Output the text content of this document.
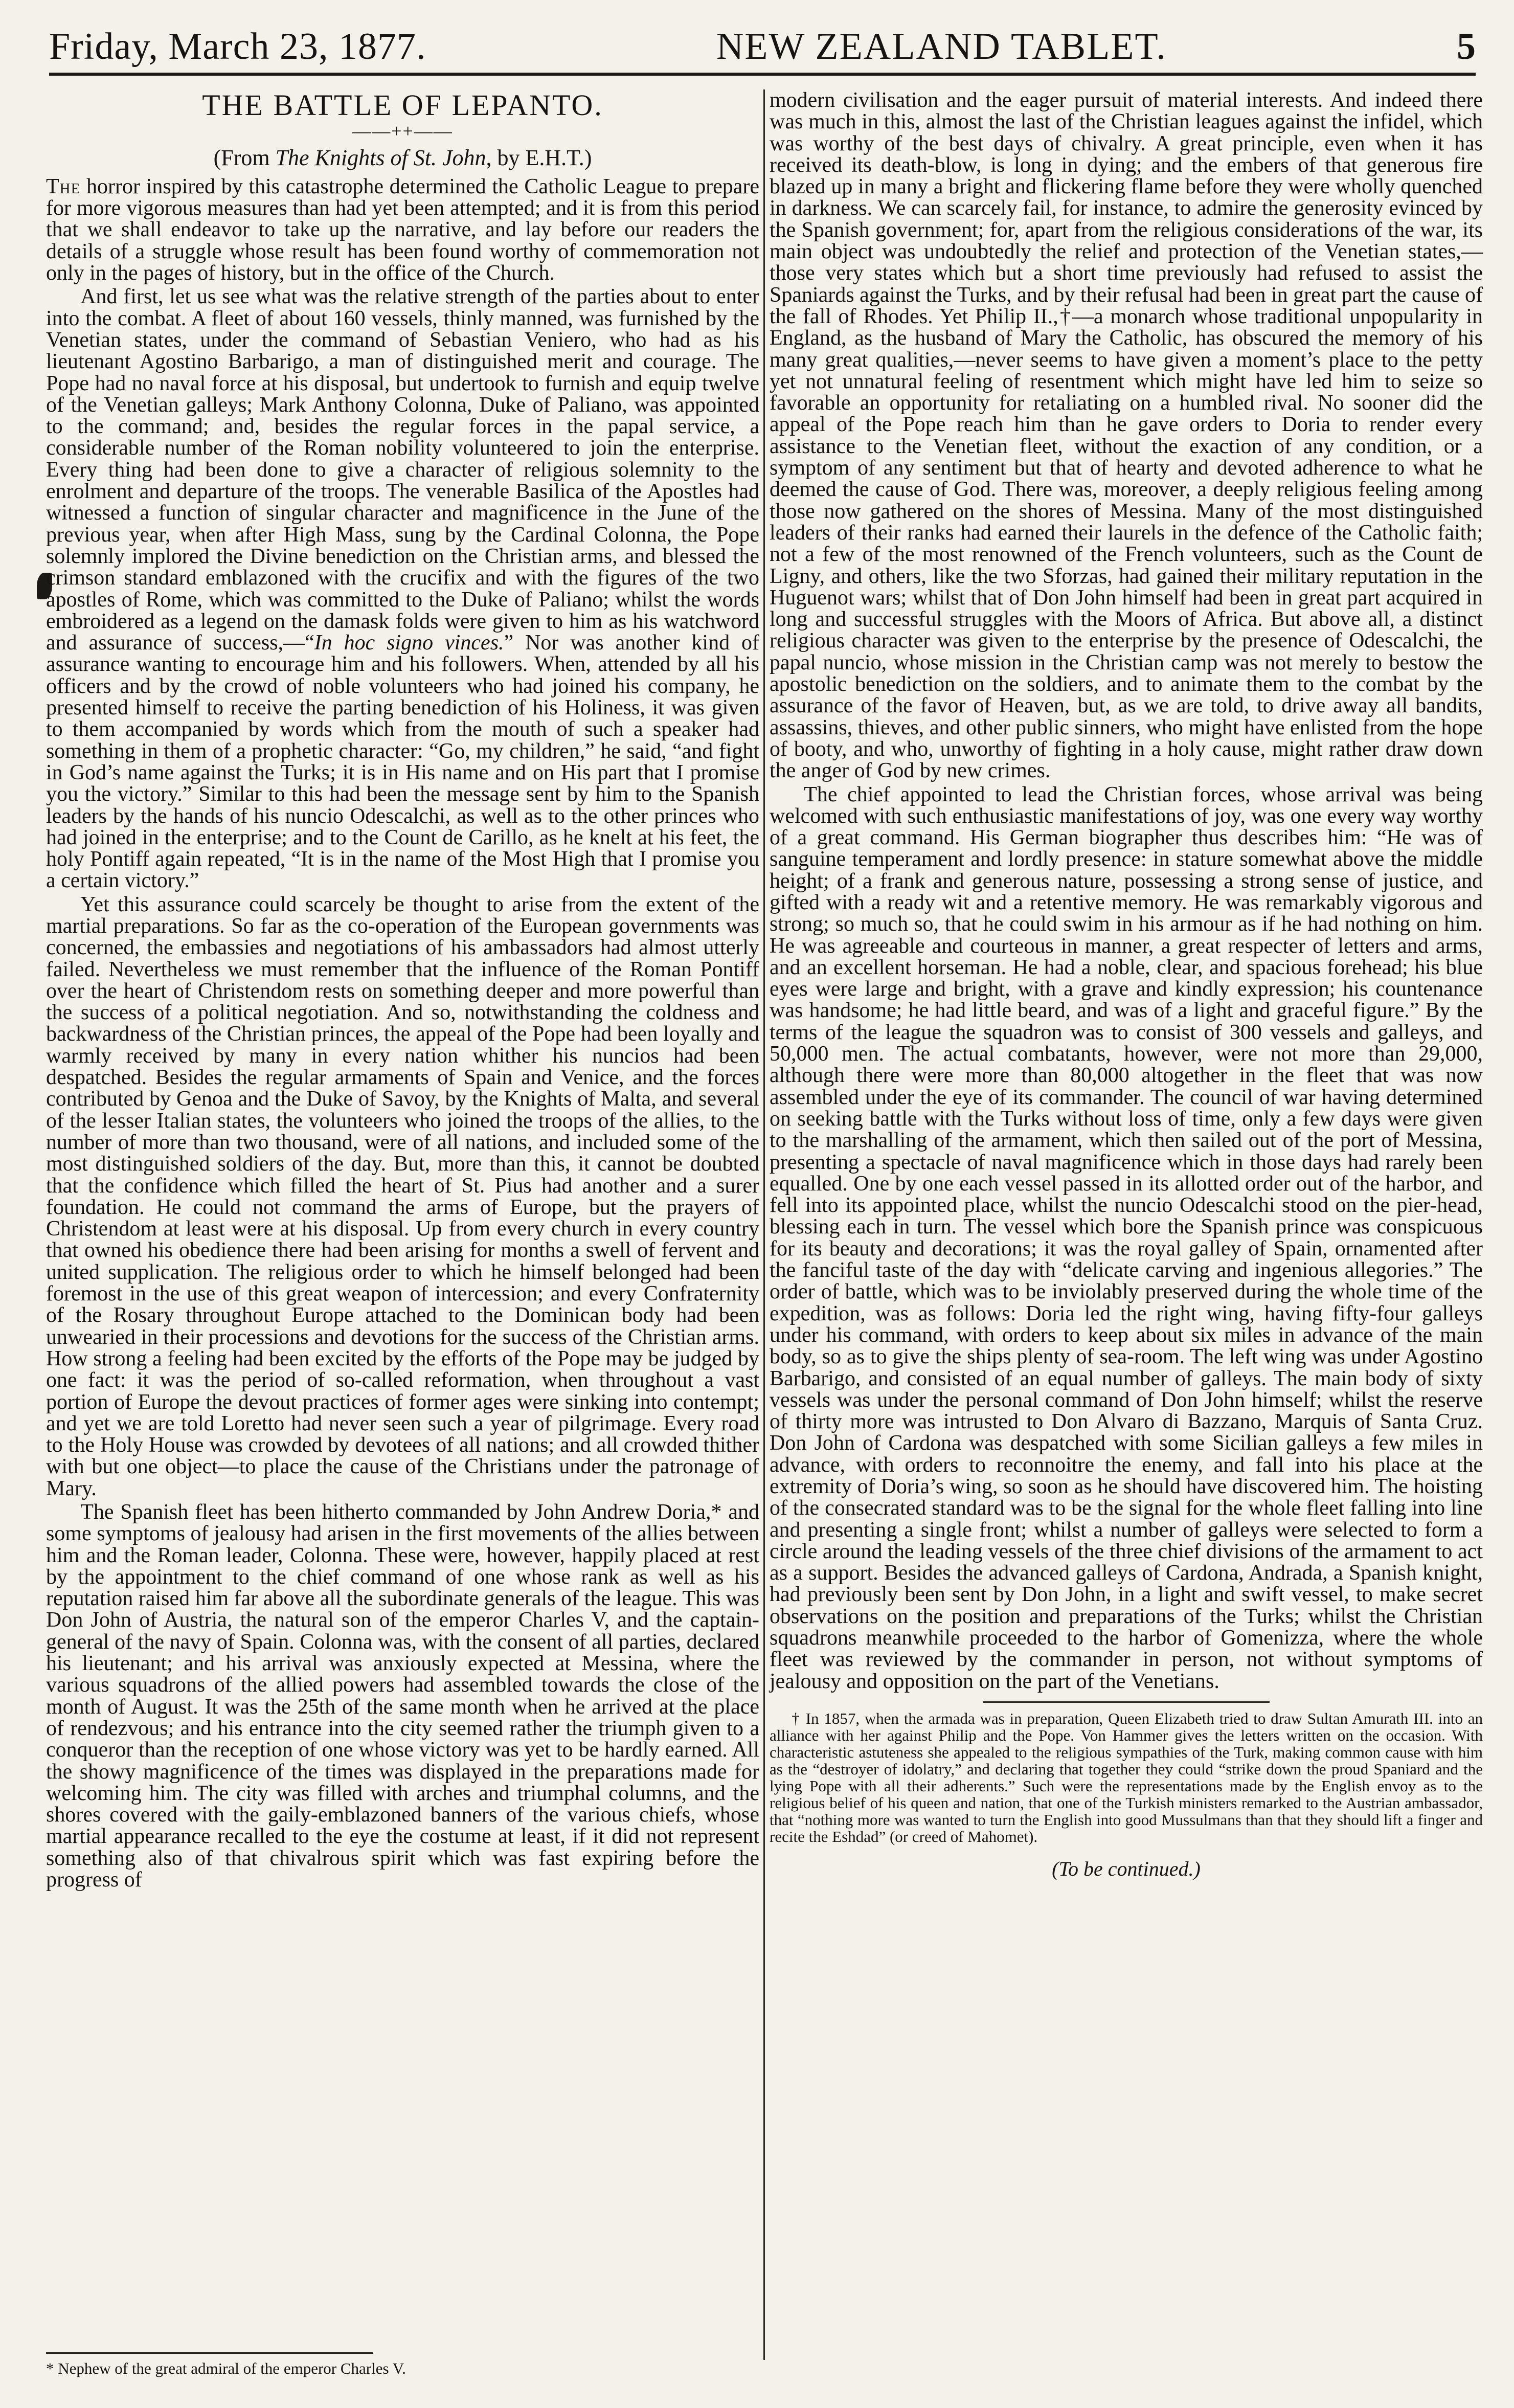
Friday, March 23, 1877.	NEW ZEALAND TABLET.	5
THE BATTLE OF LEPANTO.
——++——
(From The Knights of St. John, by E.H.T.)

The horror inspired by this catastrophe determined the Catholic League to prepare for more vigorous measures than had yet been attempted; and it is from this period that we shall endeavor to take up the narrative, and lay before our readers the details of a struggle whose result has been found worthy of commemoration not only in the pages of history, but in the office of the Church.

And first, let us see what was the relative strength of the parties about to enter into the combat. A fleet of about 160 vessels, thinly manned, was furnished by the Venetian states, under the command of Sebastian Veniero, who had as his lieutenant Agostino Barbarigo, a man of distinguished merit and courage. The Pope had no naval force at his disposal, but undertook to furnish and equip twelve of the Venetian galleys; Mark Anthony Colonna, Duke of Paliano, was appointed to the command; and, besides the regular forces in the papal service, a considerable number of the Roman nobility volunteered to join the enterprise. Every thing had been done to give a character of religious solemnity to the enrolment and departure of the troops. The venerable Basilica of the Apostles had witnessed a function of singular character and magnificence in the June of the previous year, when after High Mass, sung by the Cardinal Colonna, the Pope solemnly implored the Divine benediction on the Christian arms, and blessed the crimson standard emblazoned with the crucifix and with the figures of the two apostles of Rome, which was committed to the Duke of Paliano; whilst the words embroidered as a legend on the damask folds were given to him as his watchword and assurance of success,—“In hoc signo vinces.” Nor was another kind of assurance wanting to encourage him and his followers. When, attended by all his officers and by the crowd of noble volunteers who had joined his company, he presented himself to receive the parting benediction of his Holiness, it was given to them accompanied by words which from the mouth of such a speaker had something in them of a prophetic character: “Go, my children,” he said, “and fight in God’s name against the Turks; it is in His name and on His part that I promise you the victory.” Similar to this had been the message sent by him to the Spanish leaders by the hands of his nuncio Odescalchi, as well as to the other princes who had joined in the enterprise; and to the Count de Carillo, as he knelt at his feet, the holy Pontiff again repeated, “It is in the name of the Most High that I promise you a certain victory.”

Yet this assurance could scarcely be thought to arise from the extent of the martial preparations. So far as the co-operation of the European governments was concerned, the embassies and negotiations of his ambassadors had almost utterly failed. Nevertheless we must remember that the influence of the Roman Pontiff over the heart of Christendom rests on something deeper and more powerful than the success of a political negotiation. And so, notwithstanding the coldness and backwardness of the Christian princes, the appeal of the Pope had been loyally and warmly received by many in every nation whither his nuncios had been despatched. Besides the regular armaments of Spain and Venice, and the forces contributed by Genoa and the Duke of Savoy, by the Knights of Malta, and several of the lesser Italian states, the volunteers who joined the troops of the allies, to the number of more than two thousand, were of all nations, and included some of the most distinguished soldiers of the day. But, more than this, it cannot be doubted that the confidence which filled the heart of St. Pius had another and a surer foundation. He could not command the arms of Europe, but the prayers of Christendom at least were at his disposal. Up from every church in every country that owned his obedience there had been arising for months a swell of fervent and united supplication. The religious order to which he himself belonged had been foremost in the use of this great weapon of intercession; and every Confraternity of the Rosary throughout Europe attached to the Dominican body had been unwearied in their processions and devotions for the success of the Christian arms. How strong a feeling had been excited by the efforts of the Pope may be judged by one fact: it was the period of so-called reformation, when throughout a vast portion of Europe the devout practices of former ages were sinking into contempt; and yet we are told Loretto had never seen such a year of pilgrimage. Every road to the Holy House was crowded by devotees of all nations; and all crowded thither with but one object—to place the cause of the Christians under the patronage of Mary.

The Spanish fleet has been hitherto commanded by John Andrew Doria,* and some symptoms of jealousy had arisen in the first movements of the allies between him and the Roman leader, Colonna. These were, however, happily placed at rest by the appointment to the chief command of one whose rank as well as his reputation raised him far above all the subordinate generals of the league. This was Don John of Austria, the natural son of the emperor Charles V, and the captain-general of the navy of Spain. Colonna was, with the consent of all parties, declared his lieutenant; and his arrival was anxiously expected at Messina, where the various squadrons of the allied powers had assembled towards the close of the month of August. It was the 25th of the same month when he arrived at the place of rendezvous; and his entrance into the city seemed rather the triumph given to a conqueror than the reception of one whose victory was yet to be hardly earned. All the showy magnificence of the times was displayed in the preparations made for welcoming him. The city was filled with arches and triumphal columns, and the shores covered with the gaily-emblazoned banners of the various chiefs, whose martial appearance recalled to the eye the costume at least, if it did not represent something also of that chivalrous spirit which was fast expiring before the progress of

* Nephew of the great admiral of the emperor Charles V.

modern civilisation and the eager pursuit of material interests. And indeed there was much in this, almost the last of the Christian leagues against the infidel, which was worthy of the best days of chivalry. A great principle, even when it has received its death-blow, is long in dying; and the embers of that generous fire blazed up in many a bright and flickering flame before they were wholly quenched in darkness. We can scarcely fail, for instance, to admire the generosity evinced by the Spanish government; for, apart from the religious considerations of the war, its main object was undoubtedly the relief and protection of the Venetian states,—those very states which but a short time previously had refused to assist the Spaniards against the Turks, and by their refusal had been in great part the cause of the fall of Rhodes. Yet Philip II.,†—a monarch whose traditional unpopularity in England, as the husband of Mary the Catholic, has obscured the memory of his many great qualities,—never seems to have given a moment’s place to the petty yet not unnatural feeling of resentment which might have led him to seize so favorable an opportunity for retaliating on a humbled rival. No sooner did the appeal of the Pope reach him than he gave orders to Doria to render every assistance to the Venetian fleet, without the exaction of any condition, or a symptom of any sentiment but that of hearty and devoted adherence to what he deemed the cause of God. There was, moreover, a deeply religious feeling among those now gathered on the shores of Messina. Many of the most distinguished leaders of their ranks had earned their laurels in the defence of the Catholic faith; not a few of the most renowned of the French volunteers, such as the Count de Ligny, and others, like the two Sforzas, had gained their military reputation in the Huguenot wars; whilst that of Don John himself had been in great part acquired in long and successful struggles with the Moors of Africa. But above all, a distinct religious character was given to the enterprise by the presence of Odescalchi, the papal nuncio, whose mission in the Christian camp was not merely to bestow the apostolic benediction on the soldiers, and to animate them to the combat by the assurance of the favor of Heaven, but, as we are told, to drive away all bandits, assassins, thieves, and other public sinners, who might have enlisted from the hope of booty, and who, unworthy of fighting in a holy cause, might rather draw down the anger of God by new crimes.

The chief appointed to lead the Christian forces, whose arrival was being welcomed with such enthusiastic manifestations of joy, was one every way worthy of a great command. His German biographer thus describes him: “He was of sanguine temperament and lordly presence: in stature somewhat above the middle height; of a frank and generous nature, possessing a strong sense of justice, and gifted with a ready wit and a retentive memory. He was remarkably vigorous and strong; so much so, that he could swim in his armour as if he had nothing on him. He was agreeable and courteous in manner, a great respecter of letters and arms, and an excellent horseman. He had a noble, clear, and spacious forehead; his blue eyes were large and bright, with a grave and kindly expression; his countenance was handsome; he had little beard, and was of a light and graceful figure.” By the terms of the league the squadron was to consist of 300 vessels and galleys, and 50,000 men. The actual combatants, however, were not more than 29,000, although there were more than 80,000 altogether in the fleet that was now assembled under the eye of its commander. The council of war having determined on seeking battle with the Turks without loss of time, only a few days were given to the marshalling of the armament, which then sailed out of the port of Messina, presenting a spectacle of naval magnificence which in those days had rarely been equalled. One by one each vessel passed in its allotted order out of the harbor, and fell into its appointed place, whilst the nuncio Odescalchi stood on the pier-head, blessing each in turn. The vessel which bore the Spanish prince was conspicuous for its beauty and decorations; it was the royal galley of Spain, ornamented after the fanciful taste of the day with “delicate carving and ingenious allegories.” The order of battle, which was to be inviolably preserved during the whole time of the expedition, was as follows: Doria led the right wing, having fifty-four galleys under his command, with orders to keep about six miles in advance of the main body, so as to give the ships plenty of sea-room. The left wing was under Agostino Barbarigo, and consisted of an equal number of galleys. The main body of sixty vessels was under the personal command of Don John himself; whilst the reserve of thirty more was intrusted to Don Alvaro di Bazzano, Marquis of Santa Cruz. Don John of Cardona was despatched with some Sicilian galleys a few miles in advance, with orders to reconnoitre the enemy, and fall into his place at the extremity of Doria’s wing, so soon as he should have discovered him. The hoisting of the consecrated standard was to be the signal for the whole fleet falling into line and presenting a single front; whilst a number of galleys were selected to form a circle around the leading vessels of the three chief divisions of the armament to act as a support. Besides the advanced galleys of Cardona, Andrada, a Spanish knight, had previously been sent by Don John, in a light and swift vessel, to make secret observations on the position and preparations of the Turks; whilst the Christian squadrons meanwhile proceeded to the harbor of Gomenizza, where the whole fleet was reviewed by the commander in person, not without symptoms of jealousy and opposition on the part of the Venetians.

† In 1857, when the armada was in preparation, Queen Elizabeth tried to draw Sultan Amurath III. into an alliance with her against Philip and the Pope. Von Hammer gives the letters written on the occasion. With characteristic astuteness she appealed to the religious sympathies of the Turk, making common cause with him as the “destroyer of idolatry,” and declaring that together they could “strike down the proud Spaniard and the lying Pope with all their adherents.” Such were the representations made by the English envoy as to the religious belief of his queen and nation, that one of the Turkish ministers remarked to the Austrian ambassador, that “nothing more was wanted to turn the English into good Mussulmans than that they should lift a finger and recite the Eshdad” (or creed of Mahomet).

(To be continued.)
